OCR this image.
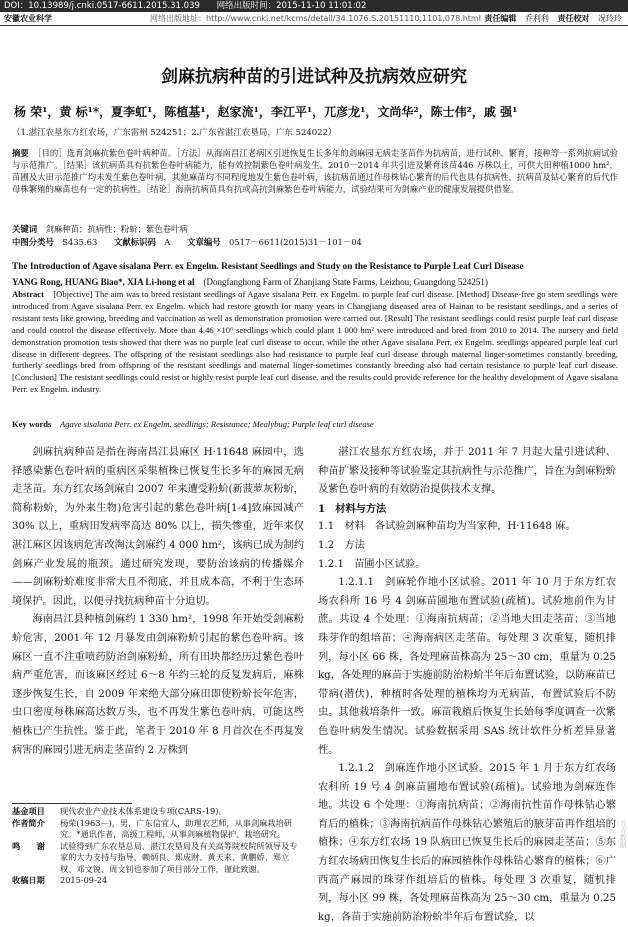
DOI：10.13989/j.cnki.0517-6611.2015.31.039 网络出版时间：2015-11-10 11:01:02
安徽农业科学	网络出版地址：http://www.cnki.net/kcms/detail/34.1076.S.20151110.1101.078.html 责任编辑 乔利利 责任校对 况玲玲
剑麻抗病种苗的引进试种及抗病效应研究
杨 荣¹，黄 标¹*，夏李虹¹，陈植基¹，赵家流¹，李江平¹，兀彦龙¹，文尚华²，陈士伟²，戚 强¹
（1.湛江农垦东方红农场，广东雷州 524251；2.广东省湛江农垦局，广东 524022）
摘要　 ［目的］选育剑麻抗紫色卷叶病种苗。［方法］从海南昌江老病区引进恢复生长多年的剑麻园无病走茎苗作为抗病苗，进行试种、繁育，接种等一系列抗病试验与示范推广。［结果］该抗病苗具有抗紫色卷叶病能力，能有效控制紫色卷叶病发生。2010－2014 年共引进及繁育该苗446 万株以上，可供大田种植1000 hm²，苗圃及大田示范推广均未发生紫色卷叶病，其他麻苗均不同程度地发生紫色卷叶病，该抗病苗通过作母株钻心繁育的后代也具有抗病性，抗病苗及钻心繁育的后代作母株繁殖的麻苗也有一定的抗病性。［结论］海南抗病苗具有抗或高抗剑麻紫色卷叶病能力，试验结果可为剑麻产业的健康发展提供借鉴。
关键词　 剑麻种苗；抗病性；粉蚧；紫色卷叶病
中图分类号　 S435.63　　 文献标识码　 A　　 文章编号　 0517－6611(2015)31－101－04
The Introduction of Agave sisalana Perr. ex Engelm. Resistant Seedlings and Study on the Resistance to Purple Leaf Curl Disease
YANG Rong, HUANG Biao*, XIA Li-hong et al　 (Dongfanghong Farm of Zhanjiang State Farms, Leizhou, Guangdong 524251)
Abstract　 [Objective] The aim was to breed resistant seedlings of Agave sisalana Perr. ex Engelm. to purple leaf curl disease. [Method] Disease-free go stem seedlings were introduced from Agave sisalana Perr. ex Engelm. which had restore growth for many years in Changjiang diseased area of Hainan to be resistant seedlings, and a series of resistant tests like growing, breeding and vaccination as well as demonstration promotion were carried out. [Result] The resistant seedlings could resist purple leaf curl disease and could control the disease effectively. More than 4.46 ×10⁶ seedlings which could plant 1 000 hm² were introduced and bred from 2010 to 2014. The nursery and field demonstration promotion tests showed that there was no purple leaf curl disease to occur, while the other Agave sisalana Perr. ex Engelm. seedlings appeared purple leaf curl disease in different degrees. The offspring of the resistant seedlings also had resistance to purple leaf curl disease through maternal linger-sometimes constantly breeding, furtherly seedlings bred from offspring of the resistant seedlings and maternal linger-sometimes constantly breeding also had certain resistance to purple leaf curl disease. [Conclusion] The resistant seedlings could resist or highly resist purple leaf curl disease, and the results could provide reference for the healthy development of Agave sisalana Perr. ex Engelm. industry.
Key words　 Agave sisalana Perr. ex Engelm. seedlings; Resistance; Mealybug; Purple leaf curl disease

剑麻抗病种苗是指在海南昌江县麻区 H·11648 麻园中，选择感染紫色卷叶病的重病区采集植株已恢复生长多年的麻园无病走茎苗。东方红农场剑麻自 2007 年来遭受粉蚧(新菠萝灰粉蚧，简称粉蚧，为外来生物)危害引起的紫色卷叶病[1-4]致麻园减产 30% 以上，重病田发病率高达 80% 以上，损失惨重，近年来仅湛江麻区因该病危害改淘汰剑麻约 4 000 hm²，该病已成为制约剑麻产业发展的瓶颈。通过研究发现，要防治该病的传播媒介——剑麻粉蚧难度非常大且不彻底，并且成本高，不利于生态环境保护。因此，以便寻找抗病种苗十分迫切。

海南昌江县种植剑麻约 1 330 hm²，1998 年开始受剑麻粉蚧危害，2001 年 12 月暴发由剑麻粉蚧引起的紫色卷叶病。该麻区一直不注重喷药防治剑麻粉蚧，所有田块都经历过紫色卷叶病严重危害，而该麻区经过 6～8 年约三轮的反复发病后，麻株逐步恢复生长，自 2009 年来绝大部分麻田即使粉蚧长年危害，虫口密度每株麻高达数万头，也不再发生紫色卷叶病，可能这些植株已产生抗性。鉴于此，笔者于 2010 年 8 月首次在不再复发病害的麻园引进无病走茎苗约 2 万株到

湛江农垦东方红农场，并于 2011 年 7 月起大量引进试种、种苗扩繁及接种等试验鉴定其抗病性与示范推广，旨在为剑麻粉蚧及紫色卷叶病的有效防治提供技术支撑。

1　材料与方法

1.1　材料　各试验剑麻种苗均为当家种，H·11648 麻。

1.2　方法

1.2.1　苗圃小区试验。

1.2.1.1　剑麻轮作地小区试验。2011 年 10 月于东方红农场农科所 16 号 4 剑麻苗圃地布置试验(疏植)。试验地前作为甘蔗。共设 4 个处理：①海南抗病苗；②当地大田走茎苗；③当地珠芽作的组培苗；④海南病区走茎苗。每处理 3 次重复，随机排列，每小区 66 株，各处理麻苗株高为 25～30 cm，重量为 0.25 kg，各处理的麻苗于实施前防治粉蚧半年后布置试验，以防麻苗已带病(潜伏)，种植时各处理的植株均为无病苗，布置试验后不防虫。其他栽培条件一致。麻苗栽植后恢复生长始每季度调查一次紫色卷叶病发生情况。试验数据采用 SAS 统计软件分析差异显著性。

1.2.1.2　剑麻连作地小区试验。2015 年 1 月于东方红农场农科所 19 号 4 剑麻苗圃地布置试验(疏植)。试验地为剑麻连作地。共设 6 个处理：①海南抗病苗；②海南抗性苗作母株钻心繁育后的植株；③海南抗病苗作母株钻心繁殖后的腋芽苗再作组培的植株；④东方红农场 19 队病田已恢复生长后的麻园走茎苗；⑤东方红农场病田恢复生长后的麻园植株作母株钻心繁育的植株；⑥广西高产麻园的珠芽作组培后的植株。每处理 3 次重复，随机排列，每小区 99 株，各处理麻苗株高为 25～30 cm，重量为 0.25 kg，各苗于实施前防治粉蚧半年后布置试验，以

基金项目	现代农业产业技术体系建设专项(CARS-19)。
作者简介	杨荣(1963－)，男，广东信宜人，助理农艺师，从事剑麻栽培研究。*通讯作者，高级工程师，从事剑麻植物保护、栽培研究。
鸣　　谢	试验得到广东农垦总局、湛江农垦局及有关高等院校院所领导及专家的大力支持与指导，赖炳良、郑成财、黄天来、黄鹏娇、郑立权、邓文锐、周文钊也参加了项目部分工作，谨此致谢。
收稿日期	2015-09-24
万方数据
